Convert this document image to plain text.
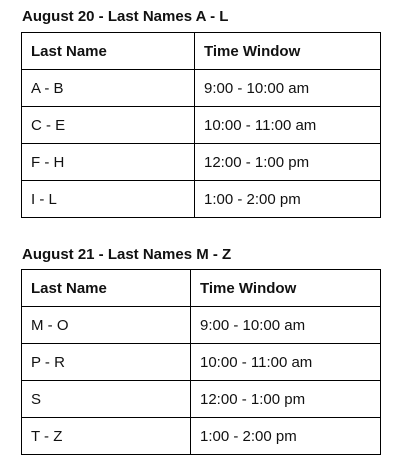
August 20 - Last Names A - L
Last Name	Time Window
A - B	9:00 - 10:00 am
C - E	10:00 - 11:00 am
F - H	12:00 - 1:00 pm
I - L	1:00 - 2:00 pm
August 21 - Last Names M - Z
Last Name	Time Window
M - O	9:00 - 10:00 am
P - R	10:00 - 11:00 am
S	12:00 - 1:00 pm
T - Z	1:00 - 2:00 pm
